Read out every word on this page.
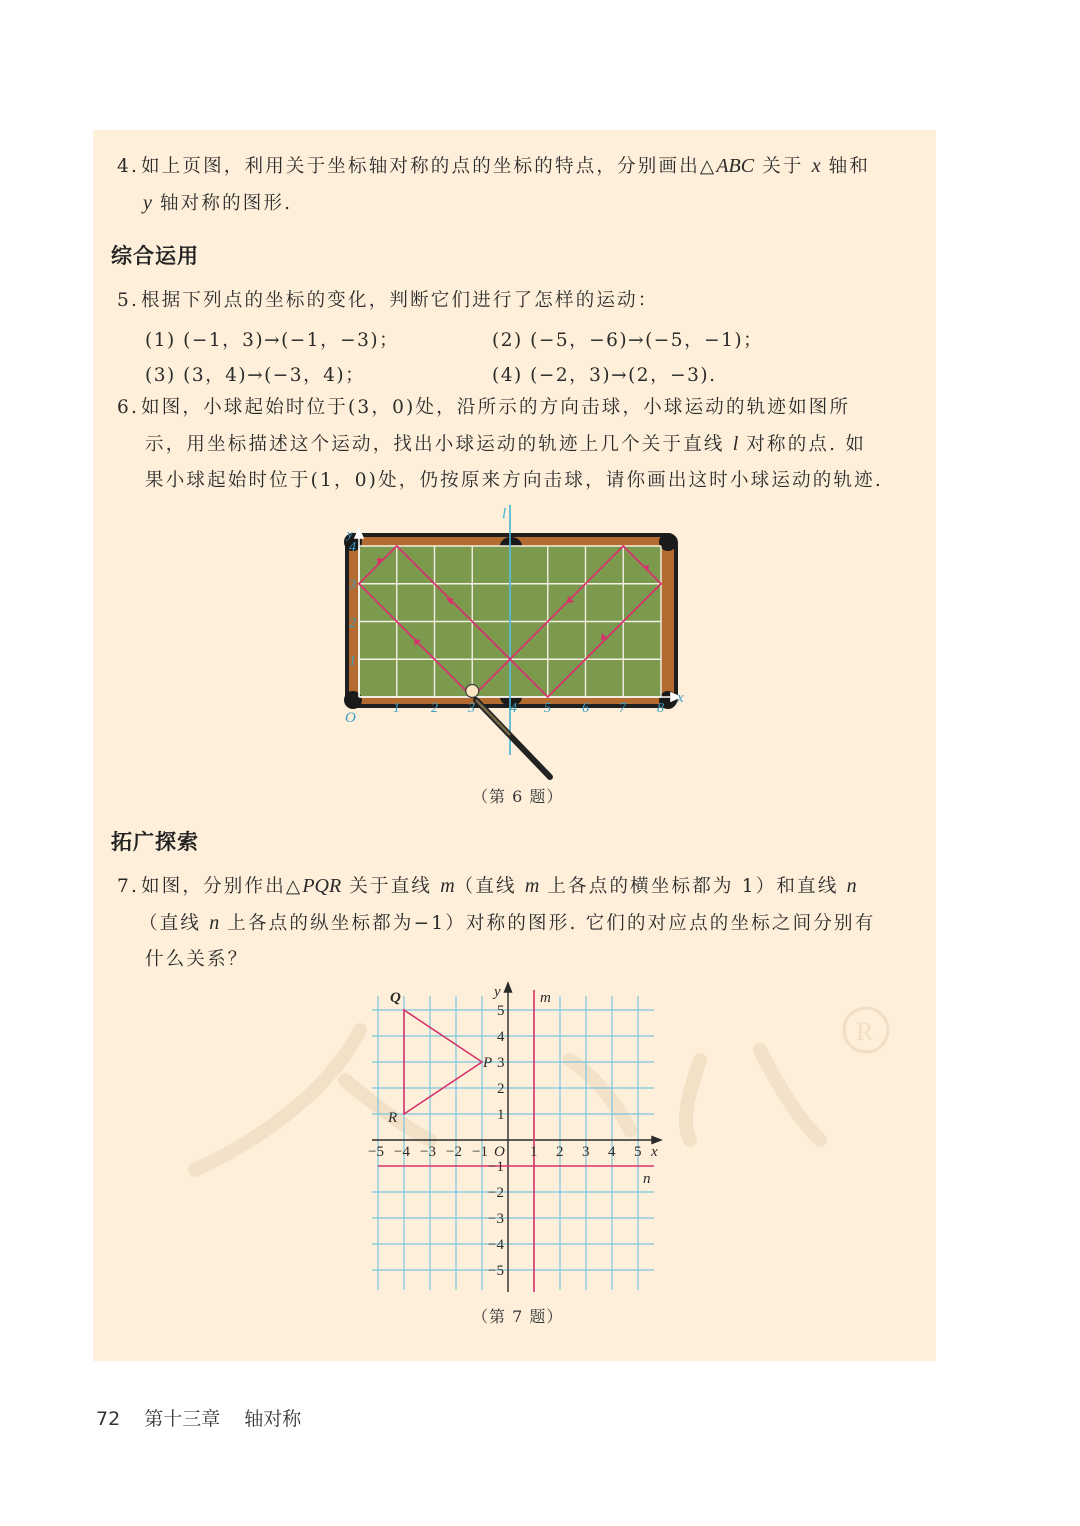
R
4. 如上页图，利用关于坐标轴对称的点的坐标的特点，分别画出△ABC 关于 x 轴和
y 轴对称的图形.
综合运用
5. 根据下列点的坐标的变化，判断它们进行了怎样的运动：
(1) (−1，3)→(−1，−3)；	(2) (−5，−6)→(−5，−1)；
(3) (3，4)→(−3，4)；	(4) (−2，3)→(2，−3).
6. 如图，小球起始时位于(3，0)处，沿所示的方向击球，小球运动的轨迹如图所
示，用坐标描述这个运动，找出小球运动的轨迹上几个关于直线 l 对称的点. 如
果小球起始时位于(1，0)处，仍按原来方向击球，请你画出这时小球运动的轨迹.
l
1 2 3	4 5 6 7 8
1
2
3
4
O
x
y
（第 6 题）
拓广探索
7. 如图，分别作出△PQR 关于直线 m（直线 m 上各点的横坐标都为 1）和直线 n
（直线 n 上各点的纵坐标都为−1）对称的图形. 它们的对应点的坐标之间分别有
什么关系？
Q
P
R
m
n
x
y
O
−5 −4 −3 −2 −1	1 2 3 4 5
5
4
3
2
1
−1
−2
−3
−4
−5
（第 7 题）
72 第十三章 轴对称
